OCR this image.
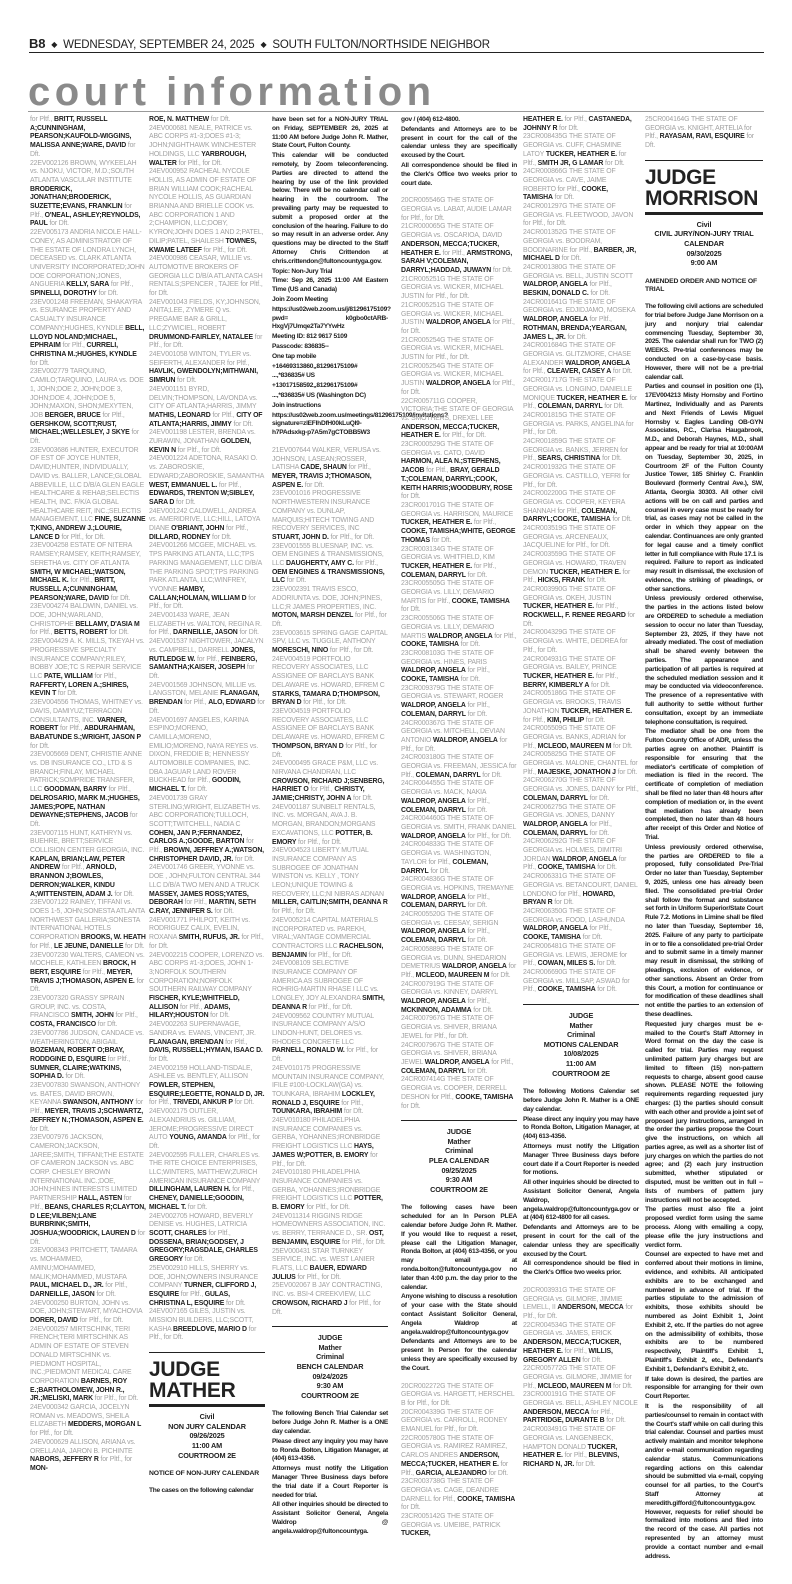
B8 ◆ WEDNESDAY, SEPTEMBER 24, 2025 ◆ SOUTH FULTON/NORTHSIDE NEIGHBOR
court information

for Pltf., BRITT, RUSSELL A;CUNNINGHAM, PEARSON;KAUFOLD-WIGGINS, MALISSA ANNE;WARE, DAVID for Dft.

22EV002126 BROWN, WYKEELAH vs. NJOKU, VICTOR, M.D.;SOUTH ATLANTA VASCULAR INSTITUTE BRODERICK, JONATHAN;BRODERICK, SUZETTE;EVANS, FRANKLIN for Pltf., O'NEAL, ASHLEY;REYNOLDS, PAUL for Dft.

22EV005173 ANDRIA NICOLE HALL-CONEY, AS ADMINISTRATOR OF THE ESTATE OF LONDRA LYNCH, DECEASED vs. CLARK ATLANTA UNIVERSITY INCORPORATED;JOHN DOE CORPORATION;JONES, ANGUERIA KELLY, SARA for Pltf., SPINELLI, DOROTHY for Dft.

23EV001248 FREEMAN, SHAKAYRA vs. ESURANCE PROPERTY AND CASUALTY INSURANCE COMPANY;HUGHES, KYNDLE BELL, LLOYD NOLAND;MICHAEL, EPHRAIM for Pltf., CURRELI, CHRISTINA M.;HUGHES, KYNDLE for Dft.

23EV002779 TARQUINO, CAMILO;TARQUINO, LAURA vs. DOE 1, JOHN;DOE 2, JOHN;DOE 3, JOHN;DOE 4, JOHN;DOE 5, JOHN;MAXON, SHON;MEXYTEN, JOB BERGER, BRUCE for Pltf., GERSHKOW, SCOTT;RUST, MICHAEL;WELLESLEY, J SKYE for Dft.

23EV003686 HUNTER, EXECUTOR OF EST OF JOYCE HUNTER, DAVID;HUNTER, INDIVIDUALLY, DAVID vs. BALLER, LANCE;GLOBAL ABBEVILLE, LLC D/B/A GLEN EAGLE HEALTHCARE & REHAB;SELECTIS HEALTH, INC. F/K/A GLOBAL HEALTHCARE REIT, INC.;SELECTIS MANAGEMENT, LLC FINE, SUZANNE T;KING, ANDREW J.;LOURIE, LANCE D for Pltf., for Dft.

23EV004258 ESTATE OF NITERA RAMSEY;RAMSEY, KEITH;RAMSEY, SERETHA vs. CITY OF ATLANTA SMITH, W MICHAEL;WATSON, MICHAEL K. for Pltf., BRITT, RUSSELL A;CUNNINGHAM, PEARSON;WARE, DAVID for Dft.

23EV004274 BALDWIN, DANIEL vs. DOE, JOHN;WARLAND, CHRISTOPHE BELLAMY, D'ASIA M for Pltf., BETTS, ROBERT for Dft.

23EV004429 A. K. MILLS, TKEYAH vs. PROGRESSIVE SPECIALTY INSURANCE COMPANY;RILEY, BOBBY JOE;TC S REPAIR SERVICE LLC PATE, WILLIAM for Pltf., RAFFERTY, LOREN A.;SHIRES, KEVIN T for Dft.

23EV004556 THOMAS, WHITNEY vs. DAVIS, DAMIYUZ;TERRACON CONSULTANTS, INC. VARNER, ROBERT for Pltf., ABDURAHMAN, BABATUNDE S.;WRIGHT, JASON P for Dft.

23EV005669 DENT, CHRISTIE ANNE vs. DB INSURANCE CO., LTD & S BRANCH;FINLAY, MICHAEL PATRICK;SOMPRIDE TRANSFER, LLC GOODMAN, BARRY for Pltf., DELROSARIO, MARK M.;HUGHES, JAMES;POPE, NATHAN DEWAYNE;STEPHENS, JACOB for Dft.

23EV007115 HUNT, KATHRYN vs. BUEHRE, BRETT;SERVICE COLLISION CENTER GEORGIA, INC. KAPLAN, BRIAN;LAW, PETER ANDREW for Pltf., ARNOLD, BRANNON J;BOWLES, DERRON;WALKER, KINDU A;WITTENSTEIN, ADAM J. for Dft.

23EV007122 RAINEY, TIFFANI vs. DOES 1-5, JOHN;SONESTA ATLANTA NORTHWEST GALLERIA;SONESTA INTERNATIONAL HOTELS CORPORATION BROOKS, W. HEATH for Pltf., LE JEUNE, DANIELLE for Dft.

23EV007230 WALTERS, CAMEON vs. MOCHELE, KATHLEEN BROCK, H BERT, ESQUIRE for Pltf., MEYER, TRAVIS J;THOMASON, ASPEN E. for Dft.

23EV007320 GRASSY SPRAIN GROUP, INC. vs. COSTA, FRANCISCO SMITH, JOHN for Pltf., COSTA, FRANCISCO for Dft.

23EV007786 JUDSON, CANDACE vs. WEATHERINGTON, ABIGAIL BOZEMAN, ROBERT O;BRAY, RODDGINE D, ESQUIRE for Pltf., SUMNER, CLAIRE;WATKINS, SOPHIA D. for Dft.

23EV007830 SWANSON, ANTHONY vs. BATES, DAVID BROWN, KEYANNA SWANSON, ANTHONY for Pltf., MEYER, TRAVIS J;SCHWARTZ, JEFFREY N.;THOMASON, ASPEN E. for Dft.

23EV007976 JACKSON, CAMERON;JACKSON, JAREE;SMITH, TIFFANI;THE ESTATE OF CAMERON JACKSON vs. ABC CORP. CHESLEY BROWN INTERNATIONAL INC.;DOE, JOHN;HINES INTERESTS LIMITED PARTNERSHIP HALL, ASTEN for Pltf., BEANS, CHARLES R;CLAYTON, D LEE;VILBEN;LANE BURBRINK;SMITH, JOSHUA;WOODRICK, LAUREN D for Dft.

23EV008343 PRITCHETT, TAMARA vs. MOHAMMED, AMINU;MOHAMMED, MALIK;MOHAMMED, MUSTAFA PAUL, MICHAEL D., JR. for Pltf., DARNEILLE, JASON for Dft.

24EV000250 BURTON, JOHN vs. DOE, JOHN;STEWART, MYACHOVIA DORER, DAVID for Pltf., for Dft.

24EV000257 MIRTSCHINK, TERI FRENCH;TERI MIRTSCHINK AS ADMIN OF ESTATE OF STEVEN DONALD MIRTSCHINK vs. PIEDMONT HOSPITAL, INC.;PIEDMONT MEDICAL CARE CORPORATION BARNES, ROY E.;BARTHOLOMEW, JOHN R., JR.;MELISKI, MARK for Pltf., for Dft.

24EV000342 GARCIA, JOCELYN ROMAN vs. MEADOWS, SHEILA ELIZABETH MEDDERS, MORGAN L for Pltf., for Dft.

24EV000629 ALLISON, ARIANA vs. ORELLANA, JARON B. PICHINTE NABORS, JEFFERY R for Pltf., for MON-

ROE, N. MATTHEW for Dft.

24EV000681 NEALE, PATRICE vs. ABC CORPS #1-3;DOES #1-3; JOHN;NIGHTHAWK WINCHESTER HOLDINGS, LLC YARBROUGH, WALTER for Pltf., for Dft.

24EV000952 RACHEAL NYCOLE HOLLIS, AS ADMIN OF ESTATE OF BRIAN WILLIAM COOK;RACHEAL NYCOLE HOLLIS, AS GUARDIAN BRIANNA AND BRIELLE COOK vs. ABC CORPORATION 1 AND 2;CHAMPION, LLC;DOBY, KYRON;JOHN DOES 1 AND 2;PATEL, DILIP;PATEL, SHAILESH TOWNES, KWAME LATEEF for Pltf., for Dft.

24EV000986 CEASAR, WILLIE vs. AUTOMOTIVE BROKERS OF GEORGIA LLC D/B/A ATLANTA CASH RENTALS;SPENCER , TAJEE for Pltf., for Dft.

24EV001043 FIELDS, KY;JOHNSON, ANITA;LEE, ZYMERE Q vs. PREGAME BAR & GRILL, LLC;ZYWICIEL, ROBERT DRUMMOND-FAIRLEY, NATALEE for Pltf., for Dft.

24EV001058 WINTON, TYLER vs. SEIFERTH, ALEXANDER for Pltf., HAVLIK, GWENDOLYN;MITHWANI, SIMRUN for Dft.

24EV001151 BYRD, DELVIN;THOMPSON, LAVONDA vs. CITY OF ATLANTA;HARRIS, JIMMY MATHIS, LEONARD for Pltf., CITY OF ATLANTA;HARRIS, JIMMY for Dft.

24EV001198 LESTER, BRENDA vs. ZURAWIN, JONATHAN GOLDEN, KEVIN N for Pltf., for Dft.

24EV001224 ADETONA, RASAKI O. vs. ZABOROSKIE, EDWARD;ZABOROSKIE, SAMANTHA WEST, EMMANUEL L. for Pltf., EDWARDS, TRENTON W;SIBLEY, SARA D for Dft.

24EV001242 CALDWELL, ANDREA vs. AMERIDRIVE, LLC;HILL, LATOYA DIANE O'BRIANT, JOHN for Pltf., DILLARD, RODNEY for Dft.

24EV001266 MCGEE, MICHAEL vs. TPS PARKING ATLANTA, LLC;TPS PARKING MANAGEMENT, LLC D/B/A THE PARKING SPOT;TPS PARKING PARK ATLANTA, LLC;WINFREY, YVONNE HAMBY, CALLAN;HOLMAN, WILLIAM D for Pltf., for Dft.

24EV001433 WARE, JEAN ELIZABETH vs. WALTON, REGINA R. for Pltf., DARNEILLE, JASON for Dft.

24EV001537 NIGHTOWER, JACALYN vs. CAMPBELL, DARRELL JONES, RUTLEDGE W. for Pltf., FEINBERG, SAMANTHA;KAISER, JOSEPH for Dft.

24EV001569 JOHNSON, MILLIE vs. LANGSTON, MELANIE FLANAGAN, BRENDAN for Pltf., ALO, EDWARD for Dft.

24EV001697 ANGELES, KARINA ESPINO;MORENO, CAMILLA;MORENO, EMILIO;MORENO, NAYA REYES vs. DIXON, FREDDIE B; HENNESSY AUTOMOBILE COMPANIES, INC. DBA JAGUAR LAND ROVER BUCKHEAD for Pltf., GOODIN, MICHAEL T. for Dft.

24EV001739 GRAY STERLING;WRIGHT, ELIZABETH vs. ABC CORPORATION;TULLOCH, SCOTT;TWITCHELL, NADIA C COHEN, JAN P.;FERNANDEZ, CARLOS A.;GOODE, BARTON for Pltf., BROWN, JEFFREY A.;WATSON, CHRISTOPHER DAVID, JR. for Dft.

24EV001746 GREER, YVONNE vs. DOE , JOHN;FULTON CENTRAL 344 LLC D/B/A TWO MEN AND A TRUCK MASSEY, JAMES ROSS;YATES, DEBORAH for Pltf., MARTIN, SETH C.RAY, JENNIFER S. for Dft.

24EV001771 PHILPOT, KEITH vs. RODRIGUEZ CALIX, EVELIN, ROXANA SMITH, RUFUS, JR. for Pltf., for Dft.

24EV002215 COOPER, LORENZO vs. ABC CORPS #1-3;DOES, JOHN 1-3;NORFOLK SOUTHERN CORPORATION;NORFOLK SOUTHERN RAILWAY COMPANY FISCHER, KYLE;WHITFIELD, ALLISON for Pltf., ADAMS, HILARY;HOUSTON for Dft.

24EV002263 SUPERNAVAGE, SANDRA vs. EVANS, VINCENT, JR. FLANAGAN, BRENDAN for Pltf., DAVIS, RUSSELL;HYMAN, ISAAC D. for Dft.

24EV002159 HOLLAND-TISDALE, ASHLEE vs. BENTLEY, ALLISON FOWLER, STEPHEN, ESQUIRE;LEGETTE, RONALD D, JR. for Pltf., TRIVEDI, ANKUR P for Dft.

24EV002175 OUTLER, ALEXANDRIUS vs. GILLIAM, JEROME;PROGRESSIVE DIRECT AUTO YOUNG, AMANDA for Pltf., for Dft.

24EV002595 FULLER, CHARLES vs. THE RITE CHOICE ENTERPRISES, LLC;WINTERS, MATTHEW;ZURICH AMERICAN INSURANCE COMPANY DILLINGHAM, LAUREN H. for Pltf., CHENEY, DANIELLE;GOODIN, MICHAEL T. for Dft.

24EV002705 HOWARD, BEVERLY DENISE vs. HUGHES, LATRICIA SCOTT, CHARLES for Pltf., DOSSENA, BRIAN;GODSEY, J GREGORY;RAGSDALE, CHARLES GREGORY for Dft.

25EV002910 HILLS, SHERRY vs. DOE, JOHN;OWNERS INSURANCE COMPANY TURNER, CLIFFORD J, ESQUIRE for Pltf., GULAS, CHRISTINA L, ESQUIRE for Dft.

24EV007165 GILES, JUSTIN vs. MISSION BUILDERS, LLC;SCOTT, KASHA BREEDLOVE, MARIO D for Pltf., for Dft.

JUDGE MATHER
Civil
NON JURY CALENDAR
09/26/2025
11:00 AM
COURTROOM 2E
NOTICE OF NON-JURY CALENDAR

The cases on the following calendar

have been set for a NON-JURY TRIAL on Friday, SEPTEMBER 26, 2025 at 11:00 AM before Judge John R. Mather, State Court, Fulton County.

This calendar will be conducted remotely, by Zoom teleconferencing. Parties are directed to attend the hearing by use of the link provided below. There will be no calendar call or hearing in the courtroom. The prevailing party may be requested to submit a proposed order at the conclusion of the hearing. Failure to do so may result in an adverse order. Any questions may be directed to the Staff Attorney Chris Crittendon at chris.crittendon@fultoncountyga.gov.

Topic: Non-Jury Trial

Time: Sep 26, 2025 11:00 AM Eastern Time (US and Canada)

Join Zoom Meeting

https://us02web.zoom.us/j/81296175109?pwd= k0gbo0ctARB-HxgVj7Umqe2Ta7YYwHz

Meeting ID: 812 9617 5109

Passcode: 836835--

One tap mobile

+16469313860,,81296175109#

...,*836835# US

+13017158592,,81296175109#

...,*836835# US (Washington DC)

Join instructions

https://us02web.zoom.us/meetings/81296175109/invitations?signature=zlEFIhDfH00kLuQI9-h7PAdsxkg-p7A5m7gCTOBB5W3

21EV007644 WALKER, VERUSA vs. JOHNSON, LASEAN;ROSSER, LATISHA CADE, SHAUN for Pltf., MEYER, TRAVIS J;THOMASON, ASPEN E. for Dft.

23EV001016 PROGRESSIVE NORTHWESTERN INSURANCE COMPANY vs. DUNLAP, MARQUIS;HITECH TOWING AND RECOVERY SERVICES, INC STUART, JOHN D. for Pltf., for Dft.

23EV001555 BLUESNAP, INC. vs. OEM ENGINES & TRANSMISSIONS, LLC DAUGHERTY, AMY C. for Pltf., OEM ENGINES & TRANSMISSIONS, LLC for Dft.

23EV002391 TRAVIS ESCO, ADORIUNTA vs. DOE, JOHN;PINES, LLC;R JAMES PROPERTIES, INC. MOTON, MARSH DENZEL for Pltf., for Dft.

23EV003615 SPRING GAGE CAPITAL SPV, LLC vs. TUGGLE, ANTHONY MORESCHI, NINO for Pltf., for Dft.

24EV004519 PORTFOLIO RECOVERY ASSOCIATES, LLC ASSIGNEE OF BARCLAYS BANK DELAWARE vs. HOWARD, EFREM C STARKS, TAMARA D;THOMPSON, BRYAN D for Pltf., for Dft.

23EV004519 PORTFOLIO RECOVERY ASSOCIATES, LLC ASSIGNEE OF BARCLAYS BANK DELAWARE vs. HOWARD, EFREM C THOMPSON, BRYAN D for Pltf., for Dft.

24EV000495 GRACE P&M, LLC vs. NIRVANA CHANDRAN, LLC CROWSON, RICHARD J;SENBERG, HARRIET O for Pltf., CHRISTY, JAMIE;CHRISTY, JOHN A for Dft.

24EV001187 SUNBELT RENTALS, INC. vs. MORGAN, AVA J. B. MORGAN, BRANDON;MORGANS EXCAVATIONS, LLC POTTER, B. EMORY for Pltf., for Dft.

24EV004523 LIBERTY MUTUAL INSURANCE COMPANY AS SUBROGEE OF JONATHAN WINSTON vs. KELLY , TONY LEON;UNIQUE TOWING & RECOVERY, LLC;NI NIBRAS ADNAN MILLER, CAITLIN;SMITH, DEANNA R for Pltf., for Dft.

24EV005214 CAPITAL MATERIALS INCORPORATED vs. PAREKH, VIRAL;VANTAGE COMMERCIAL CONTRACTORS LLC RACHELSON, BENJAMIN for Pltf., for Dft.

24EV008109 SELECTIVE INSURANCE COMPANY OF AMERICA AS SUBROGEE OF ROHRIG-MARTIN RHASE I LLC vs. LONGLEY, JOY ALEXANDRA SMITH, DEANNA R for Pltf., for Dft.

24EV009562 COUNTRY MUTUAL INSURANCE COMPANY A/S/O LINDON-HUNT, DELORES vs. RHODES CONCRETE LLC PARNELL, RONALD W. for Pltf., for Dft.

24EV010175 PROGRESSIVE MOUNTAIN INSURANCE COMPANY, IFILE #100-LOCKLAW(GA) vs. TOUNKARA, IBRAHIM LOCKLEY, RONALD J, ESQUIRE for Pltf., TOUNKARA, IBRAHIM for Dft.

24EV010180 PHILADELPHIA INSURANCE COMPANIES vs. GERBA, YOHANNES;IRONBRIDGE FREIGHT LOGISTICS LLC HAYS, JAMES W;POTTER, B. EMORY for Pltf., for Dft.

24EV010180 PHILADELPHIA INSURANCE COMPANIES vs. GERBA, YOHANNES;IRONBRIDGE FREIGHT LOGISTICS LLC POTTER, B. EMORY for Pltf., for Dft.

24EV011314 RIGGINS RIDGE HOMEOWNERS ASSOCIATION, INC. vs. BERRY, TERRANCE D., SR. OST, BENJAMIN, ESQUIRE for Pltf., for Dft.

25EV000431 STAR TURNKEY SERVICE, INC. vs. WEST LANIER FLATS, LLC BAUER, EDWARD JULIUS for Pltf., for Dft.

25EV002067 B JAY CONTRACTING, INC. vs. BSI-4 CREEKVIEW, LLC CROWSON, RICHARD J for Pltf., for Dft.

JUDGE
Mather
Criminal
BENCH CALENDAR
09/24/2025
9:30 AM
COURTROOM 2E

The following Bench Trial Calendar set before Judge John R. Mather is a ONE day calendar.

Please direct any inquiry you may have to Ronda Bolton, Litigation Manager, at (404) 613-4356.

Attorneys must notify the Litigation Manager Three Business days before the trial date if a Court Reporter is needed for trial.

All other inquiries should be directed to Assistant Solicitor General, Angela Waldrop @ angela.waldrop@fultoncountyga.

gov / (404) 612-4800.

Defendants and Attorneys are to be present in court for the call of the calendar unless they are specifically excused by the Court.

All correspondence should be filed in the Clerk's Office two weeks prior to court date.

20CR005546G THE STATE OF GEORGIA vs. LABAT, AUDIE LAMAR for Pltf., for Dft.

21CR000065G THE STATE OF GEORGIA vs. OSCARIOA, DAVID ANDERSON, MECCA;TUCKER, HEATHER E. for Pltf., ARMSTRONG, SARAH V;COLEMAN, DARRYL;HADDAD, JUWAYN for Dft.

21CR005251G THE STATE OF GEORGIA vs. WICKER, MICHAEL JUSTIN for Pltf., for Dft.

21CR005251G THE STATE OF GEORGIA vs. WICKER, MICHAEL JUSTIN WALDROP, ANGELA for Pltf., for Dft.

21CR005254G THE STATE OF GEORGIA vs. WICKER, MICHAEL JUSTIN for Pltf., for Dft.

21CR005254G THE STATE OF GEORGIA vs. WICKER, MICHAEL JUSTIN WALDROP, ANGELA for Pltf., for Dft.

22CR005711G COOPER, VICTORIA;THE STATE OF GEORGIA vs. SMOTHERS, DREXEL LEE ANDERSON, MECCA;TUCKER, HEATHER E. for Pltf., for Dft.

23CR000529G THE STATE OF GEORGIA vs. CATO, DAVID HARMON, ALEA N.;STEPHENS, JACOB for Pltf., BRAY, GERALD T.;COLEMAN, DARRYL;COOK, KEITH HARRIS;WOODBURY, ROSE for Dft.

23CR001701G THE STATE OF GEORGIA vs. HARRISON, MAURICE TUCKER, HEATHER E. for Pltf., COOKE, TAMISHA;WHITE, GEORGE THOMAS for Dft.

23CR003134G THE STATE OF GEORGIA vs. WHITFIELD, KIM TUCKER, HEATHER E. for Pltf., COLEMAN, DARRYL for Dft.

23CR005505G THE STATE OF GEORGIA vs. LILLY, DEMARIO MARTIS for Pltf., COOKE, TAMISHA for Dft.

23CR005506G THE STATE OF GEORGIA vs. LILLY, DEMARIO MARTIS WALDROP, ANGELA for Pltf., COOKE, TAMISHA for Dft.

23CR008103G THE STATE OF GEORGIA vs. HINES, PARIS WALDROP, ANGELA for Pltf., COOKE, TAMISHA for Dft.

23CR009379G THE STATE OF GEORGIA vs. STEWART, ROGER WALDROP, ANGELA for Pltf., COLEMAN, DARRYL for Dft.

24CR000367G THE STATE OF GEORGIA vs. MITCHELL, DEVIAN ANTONIO WALDROP, ANGELA for Pltf., for Dft.

24CR003180G THE STATE OF GEORGIA vs. FREEMAN, JESSICA for Pltf., COLEMAN, DARRYL for Dft.

24CR004455G THE STATE OF GEORGIA vs. MACK, NAKIA WALDROP, ANGELA for Pltf., COLEMAN, DARRYL for Dft.

24CR004460G THE STATE OF GEORGIA vs. SMITH, FRANK DANIEL WALDROP, ANGELA for Pltf., for Dft.

24CR004833G THE STATE OF GEORGIA vs. WASHINGTON, TAYLOR for Pltf., COLEMAN, DARRYL for Dft.

24CR004836G THE STATE OF GEORGIA vs. HOPKINS, TREMAYNE WALDROP, ANGELA for Pltf., COLEMAN, DARRYL for Dft.

24CR005520G THE STATE OF GEORGIA vs. CEESAY, SERIGN WALDROP, ANGELA for Pltf., COLEMAN, DARRYL for Dft.

24CR005889G THE STATE OF GEORGIA vs. DUNN, SHEDARION DEMETRIUS WALDROP, ANGELA for Pltf., MCLEOD, MAUREEN M for Dft.

24CR007919G THE STATE OF GEORGIA vs. KINNEY, DARRYL WALDROP, ANGELA for Pltf., MCKINNON, ADAMMA for Dft.

24CR007967G THE STATE OF GEORGIA vs. SHIVER, BRIANA JEWEL for Pltf., for Dft.

24CR007967G THE STATE OF GEORGIA vs. SHIVER, BRIANA JEWEL WALDROP, ANGELA for Pltf., COLEMAN, DARRYL for Dft.

24CR007414G THE STATE OF GEORGIA vs. COOPER, DERRELL DESHON for Pltf., COOKE, TAMISHA for Dft.

JUDGE
Mather
Criminal
PLEA CALENDAR
09/25/2025
9:30 AM
COURTROOM 2E

The following cases have been scheduled for an In Person PLEA calendar before Judge John R. Mather. If you would like to request a reset, please call the Litigation Manager, Ronda Bolton, at (404) 613-4356, or you may email at ronda.bolton@fultoncountyga.gov no later than 4:00 p.m. the day prior to the calendar.

Anyone wishing to discuss a resolution of your case with the State should contact Assistant Solicitor General, Angela Waldrop at angela.waldrop@fultoncountyga.gov

Defendants and Attorneys are to be present In Person for the calendar unless they are specifically excused by the Court.

20CR002272G THE STATE OF GEORGIA vs. HARGETT, HERSCHEL B for Pltf., for Dft.

20CR004339G THE STATE OF GEORGIA vs. CARROLL, RODNEY EMANUEL for Pltf., for Dft.

22CR005780G THE STATE OF GEORGIA vs. RAMIREZ RAMIREZ, CARLOS ANDRES ANDERSON, MECCA;TUCKER, HEATHER E. for Pltf., GARCIA, ALEJANDRO for Dft.

23CR003738G THE STATE OF GEORGIA vs. CAGE, DEANDRE DARNELL for Pltf., COOKE, TAMISHA for Dft.

23CR005142G THE STATE OF GEORGIA vs. UMEIBE, PATRICK TUCKER,

HEATHER E. for Pltf., CASTANEDA, JOHNNY R for Dft.

23CR008435G THE STATE OF GEORGIA vs. CUFF, CHASMINE LATOY TUCKER, HEATHER E. for Pltf., SMITH JR, G LAMAR for Dft.

24CR000866G THE STATE OF GEORGIA vs. CAVE, JAIME ROBERTO for Pltf., COOKE, TAMISHA for Dft.

24CR001297G THE STATE OF GEORGIA vs. FLEETWOOD, JAVON for Pltf., for Dft.

24CR001352G THE STATE OF GEORGIA vs. BOODRAM, BOODNARINE for Pltf., BARBER, JR, MICHAEL D for Dft.

24CR001380G THE STATE OF GEORGIA vs. BELL, JUSTIN SCOTT WALDROP, ANGELA for Pltf., BESKIN, DONALD C. for Dft.

24CR001641G THE STATE OF GEORGIA vs. EDJIDJAMO, MOSEKA WALDROP, ANGELA for Pltf., ROTHMAN, BRENDA;YEARGAN, JAMES L, JR. for Dft.

24CR001684G THE STATE OF GEORGIA vs. GLITZMORE, CHASE ALEXANDER WALDROP, ANGELA for Pltf., CLEAVER, CASEY A for Dft.

24CR001717G THE STATE OF GEORGIA vs. LONGINO, DANIELLE MONIQUE TUCKER, HEATHER E. for Pltf., COLEMAN, DARRYL for Dft.

24CR001815G THE STATE OF GEORGIA vs. PARKS, ANGELINA for Pltf., for Dft.

24CR001859G THE STATE OF GEORGIA vs. BANKS, JERREN for Pltf., SEARS, CHRISTINA for Dft.

24CR001932G THE STATE OF GEORGIA vs. CASTILLO, YEFRI for Pltf., for Dft.

24CR002200G THE STATE OF GEORGIA vs. COOPER, KEYERA SHANNAH for Pltf., COLEMAN, DARRYL;COOKE, TAMISHA for Dft.

24CR003519G THE STATE OF GEORGIA vs. ARCENEAUX, JACQUELINE for Pltf., for Dft.

24CR003559G THE STATE OF GEORGIA vs. HOWARD, TRAVEN DEMON TUCKER, HEATHER E. for Pltf., HICKS, FRANK for Dft.

24CR003990G THE STATE OF GEORGIA vs. OKEH, JUSTIN TUCKER, HEATHER E. for Pltf., ROCKWELL, F. RENEE REGARD for Dft.

24CR004329G THE STATE OF GEORGIA vs. WHITE, DEDREA for Pltf., for Dft.

24CR004931G THE STATE OF GEORGIA vs. BAILEY, PRINCE TUCKER, HEATHER E. for Pltf., BERRY, KIMBERLY A for Dft.

24CR005186G THE STATE OF GEORGIA vs. BROOKS, TRAVIS JONATHON TUCKER, HEATHER E. for Pltf., KIM, PHILIP for Dft.

24CR005509G THE STATE OF GEORGIA vs. BANKS, ADRIAN for Pltf., MCLEOD, MAUREEN M for Dft.

24CR005825G THE STATE OF GEORGIA vs. MALONE, CHANTEL for Pltf., MAJESKE, JONATHON J for Dft.

24CR006270G THE STATE OF GEORGIA vs. JONES, DANNY for Pltf., COLEMAN, DARRYL for Dft.

24CR006275G THE STATE OF GEORGIA vs. JONES, DANNY WALDROP, ANGELA for Pltf., COLEMAN, DARRYL for Dft.

24CR006292G THE STATE OF GEORGIA vs. HOLMES, DIMITRI JORDAN WALDROP, ANGELA for Pltf., COOKE, TAMISHA for Dft.

24CR006331G THE STATE OF GEORGIA vs. BETANCOURT, DANIEL LONDONO for Pltf., HOWARD, BRYAN R for Dft.

24CR006350G THE STATE OF GEORGIA vs. FOOD, LASHUNDA WALDROP, ANGELA for Pltf., COOKE, TAMISHA for Dft.

24CR006481G THE STATE OF GEORGIA vs. LEWIS, JEROME for Pltf., COWAN, MILES S. for Dft.

24CR006690G THE STATE OF GEORGIA vs. MILLSAP, ASWAD for Pltf., COOKE, TAMISHA for Dft.

JUDGE
Mather
Criminal
MOTIONS CALENDAR
10/08/2025
11:00 AM
COURTROOM 2E

The following Motions Calendar set before Judge John R. Mather is a ONE day calendar.

Please direct any inquiry you may have to Ronda Bolton, Litigation Manager, at (404) 613-4356.

Attorneys must notify the Litigation Manager Three Business days before court date if a Court Reporter is needed for motions.

All other inquiries should be directed to Assistant Solicitor General, Angela Waldrop, angela.waldrop@fultoncountyga.gov or at (404) 612-4800 for all cases.

Defendants and Attorneys are to be present in court for the call of the calendar unless they are specifically excused by the Court.

All correspondence should be filed in the Clerk's Office two weeks prior.

20CR003931G THE STATE OF GEORGIA vs. GILMORE, JIMMIE LEMELL, II ANDERSON, MECCA for Pltf., for Dft.

22CR004534G THE STATE OF GEORGIA vs. JAMES, ERICK ANDERSON, MECCA;TUCKER, HEATHER E. for Pltf., WILLIS, GREGORY ALLEN for Dft.

22CR005772G THE STATE OF GEORGIA vs. GILMORE, JIMMIE for Pltf., MCLEOD, MAUREEN M for Dft.

23CR000191G THE STATE OF GEORGIA vs. BELL, ASHLEY NICOLE ANDERSON, MECCA for Pltf., PARTRIDGE, DURANTE B for Dft.

24CR003491G THE STATE OF GEORGIA vs. LANGENBECK, HAMPTON DONALD TUCKER, HEATHER E. for Pltf., BLEVINS, RICHARD N, JR. for Dft.

25CR004164G THE STATE OF GEORGIA vs. KNIGHT, ARTELIA for Pltf., RAYASAM, RAVI, ESQUIRE for Dft.

JUDGE MORRISON
Civil
CIVIL JURY/NON-JURY TRIAL CALENDAR
09/30/2025
9:00 AM
AMENDED ORDER AND NOTICE OF TRIAL

The following civil actions are scheduled for trial before Judge Jane Morrison on a jury and nonjury trial calendar commencing Tuesday, September 30, 2025. The calendar shall run for TWO (2) WEEKS. Pre-trial conferences may be conducted on a case-by-case basis. However, there will not be a pre-trial calendar call.

Parties and counsel in position one (1), 17EV004213 Misty Hornsby and Fortino Martinez, Individually and as Parents and Next Friends of Lewis Miguel Hornsby v. Eagles Landing OB-GYN Associates, P.C., Clarisa Haugabrook, M.D., and Deborah Haynes, M.D., shall appear and be ready for trial at 10:00AM on Tuesday, September 30, 2025, in Courtroom 2F of the Fulton County Justice Tower, 185 Shirley C. Franklin Boulevard (formerly Central Ave.), SW, Atlanta, Georgia 30303. All other civil actions will be on call and parties and counsel in every case must be ready for trial, as cases may not be called in the order in which they appear on the calendar. Continuances are only granted for legal cause and a timely conflict letter in full compliance with Rule 17.1 is required. Failure to report as indicated may result in dismissal, the exclusion of evidence, the striking of pleadings, or other sanctions.

Unless previously ordered otherwise, the parties in the actions listed below are ORDERED to schedule a mediation session to occur no later than Tuesday, September 23, 2025, if they have not already mediated. The cost of mediation shall be shared evenly between the parties. The appearance and participation of all parties is required at the scheduled mediation session and it may be conducted via videoconference. The presence of a representative with full authority to settle without further consultation, except by an immediate telephone consultation, is required.

The mediator shall be one from the Fulton County Office of ADR, unless the parties agree on another. Plaintiff is responsible for ensuring that the mediator's certificate of completion of mediation is filed in the record. The certificate of completion of mediation shall be filed no later than 48 hours after completion of mediation or, in the event that mediation has already been completed, then no later than 48 hours after receipt of this Order and Notice of Trial.

Unless previously ordered otherwise, the parties are ORDERED to file a proposed, fully consolidated Pre-Trial Order no later than Tuesday, September 9, 2025, unless one has already been filed. The consolidated pre-trial Order shall follow the format and substance set forth in Uniform Superior/State Court Rule 7.2. Motions in Limine shall be filed no later than Tuesday, September 16, 2025. Failure of any party to participate in or to file a consolidated pre-trial Order and to submit same in a timely manner may result in dismissal, the striking of pleadings, exclusion of evidence, or other sanctions. Absent an Order from this Court, a motion for continuance or for modification of these deadlines shall not entitle the parties to an extension of these deadlines.

Requested jury charges must be e-mailed to the Court's Staff Attorney in Word format on the day the case is called for trial. Parties may request unlimited pattern jury charges but are limited to fifteen (15) non-pattern requests to charge, absent good cause shown. PLEASE NOTE the following requirements regarding requested jury charges: (1) the parties should consult with each other and provide a joint set of proposed jury instructions, arranged in the order the parties propose the Court give the instructions, on which all parties agree, as well as a shorter list of jury charges on which the parties do not agree; and (2) each jury instruction submitted, whether stipulated or disputed, must be written out in full -- lists of numbers of pattern jury instructions will not be accepted.

The parties must also file a joint proposed verdict form using the same process. Along with emailing a copy, please efile the jury instructions and verdict form.

Counsel are expected to have met and conferred about their motions in limine, evidence, and exhibits. All anticipated exhibits are to be exchanged and numbered in advance of trial. If the parties stipulate to the admission of exhibits, those exhibits should be numbered as Joint Exhibit 1, Joint Exhibit 2, etc. If the parties do not agree on the admissibility of exhibits, those exhibits are to be numbered respectively, Plaintiff's Exhibit 1, Plaintiff's Exhibit 2, etc., Defendant's Exhibit 1, Defendant's Exhibit 2, etc.

If take down is desired, the parties are responsible for arranging for their own Court Reporter.

It is the responsibility of all parties/counsel to remain in contact with the Court's staff while on call during this trial calendar. Counsel and parties must actively maintain and monitor telephone and/or e-mail communication regarding calendar status. Communications regarding actions on this calendar should be submitted via e-mail, copying counsel for all parties, to the Court's Staff Attorney at meredith.gifford@fultoncountyga.gov. However, requests for relief should be formalized into motions and filed into the record of the case. All parties not represented by an attorney must provide a contact number and e-mail address.
